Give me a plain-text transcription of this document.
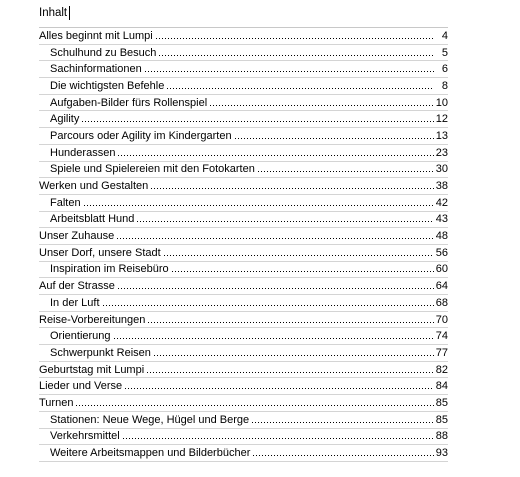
Inhalt
Alles beginnt mit Lumpi	4
Schulhund zu Besuch	5
Sachinformationen	6
Die wichtigsten Befehle	8
Aufgaben-Bilder fürs Rollenspiel	10
Agility	12
Parcours oder Agility im Kindergarten	13
Hunderassen	23
Spiele und Spielereien mit den Fotokarten	30
Werken und Gestalten	38
Falten	42
Arbeitsblatt Hund	43
Unser Zuhause	48
Unser Dorf, unsere Stadt	56
Inspiration im Reisebüro	60
Auf der Strasse	64
In der Luft	68
Reise-Vorbereitungen	70
Orientierung	74
Schwerpunkt Reisen	77
Geburtstag mit Lumpi	82
Lieder und Verse	84
Turnen	85
Stationen: Neue Wege, Hügel und Berge	85
Verkehrsmittel	88
Weitere Arbeitsmappen und Bilderbücher	93
